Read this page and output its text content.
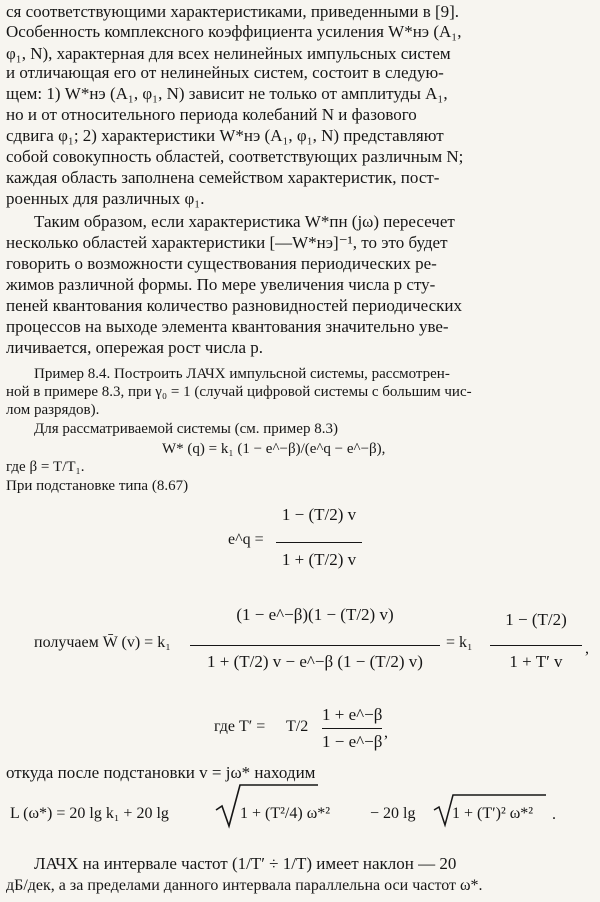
ся соответствующими характеристиками, приведенными в [9].
Особенность комплексного коэффициента усиления W*нэ (A₁,
φ₁, N), характерная для всех нелинейных импульсных систем
и отличающая его от нелинейных систем, состоит в следую-
щем: 1) W*нэ (A₁, φ₁, N) зависит не только от амплитуды A₁,
но и от относительного периода колебаний N и фазового
сдвига φ₁; 2) характеристики W*нэ (A₁, φ₁, N) представляют
собой совокупность областей, соответствующих различным N;
каждая область заполнена семейством характеристик, пост-
роенных для различных φ₁.
Таким образом, если характеристика W*пн (jω) пересечет
несколько областей характеристики [—W*нэ]⁻¹, то это будет
говорить о возможности существования периодических ре-
жимов различной формы. По мере увеличения числа p сту-
пеней квантования количество разновидностей периодических
процессов на выходе элемента квантования значительно уве-
личивается, опережая рост числа p.
Пример 8.4. Построить ЛАЧХ импульсной системы, рассмотрен-
ной в примере 8.3, при γ₀ = 1 (случай цифровой системы с большим чис-
лом разрядов).
Для рассматриваемой системы (см. пример 8.3)
W* (q) = k₁ (1 − e^−β)/(e^q − e^−β),
где β = T/T₁.
При подстановке типа (8.67)
e^q =
1 − (T/2) v
1 + (T/2) v
получаем W̄ (v) = k₁
(1 − e^−β)(1 − (T/2) v)
1 + (T/2) v − e^−β (1 − (T/2) v)
= k₁
1 − (T/2)
1 + T′ v
,
где T′ = T/2
1 + e^−β
1 − e^−β ,
откуда после подстановки v = jω* находим
L (ω*) = 20 lg k₁ + 20 lg	1 + (T²/4) ω*² − 20 lg 1 + (T′)² ω*² .
ЛАЧХ на интервале частот (1/T′ ÷ 1/T) имеет наклон — 20
дБ/дек, а за пределами данного интервала параллельна оси частот ω*.
